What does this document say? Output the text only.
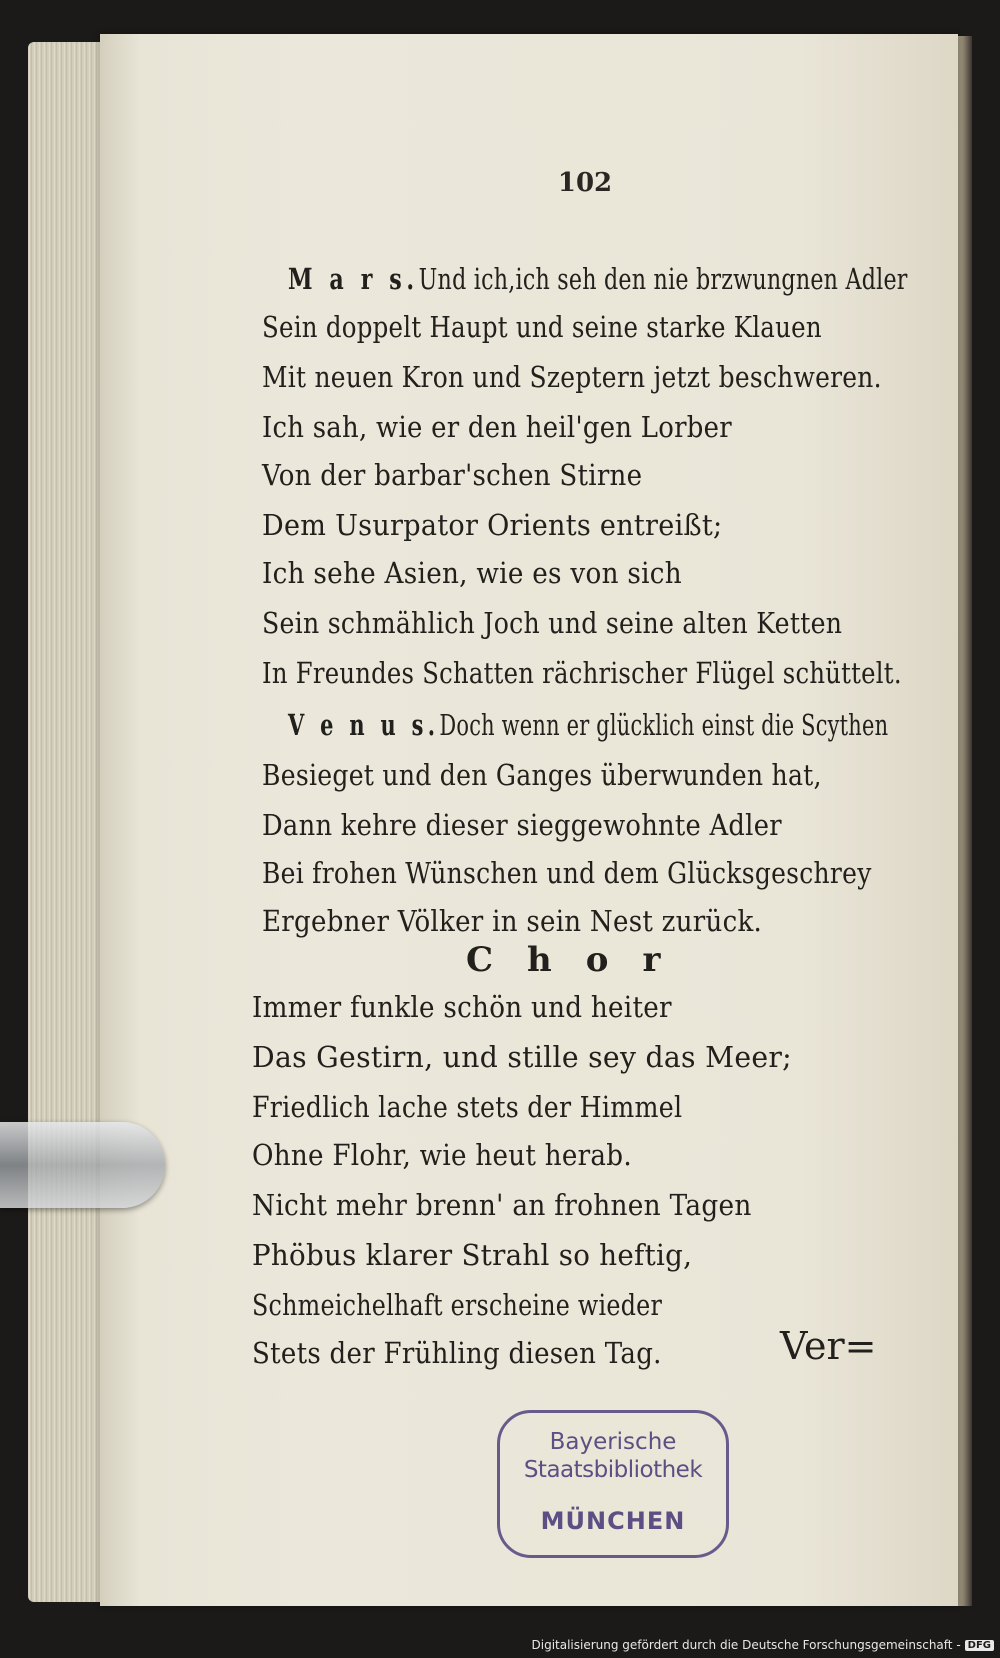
102
M a r s.Und ich,ich seh den nie brzwungnen Adler
Sein doppelt Haupt und seine starke Klauen
Mit neuen Kron und Szeptern jetzt beschweren.
Ich sah, wie er den heil'gen Lorber
Von der barbar'schen Stirne
Dem Usurpator Orients entreißt;
Ich sehe Asien, wie es von sich
Sein schmählich Joch und seine alten Ketten
In Freundes Schatten rächrischer Flügel schüttelt.
V e n u s.Doch wenn er glücklich einst die Scythen
Besieget und den Ganges überwunden hat,
Dann kehre dieser sieggewohnte Adler
Bei frohen Wünschen und dem Glücksgeschrey
Ergebner Völker in sein Nest zurück.
Immer funkle schön und heiter
Das Gestirn, und stille sey das Meer;
Friedlich lache stets der Himmel
Ohne Flohr, wie heut herab.
Nicht mehr brenn' an frohnen Tagen
Phöbus klarer Strahl so heftig,
Schmeichelhaft erscheine wieder
Stets der Frühling diesen Tag.
Chor
Ver=
Bayerische
Staatsbibliothek
MÜNCHEN
Digitalisierung gefördert durch die Deutsche Forschungsgemeinschaft - DFG
